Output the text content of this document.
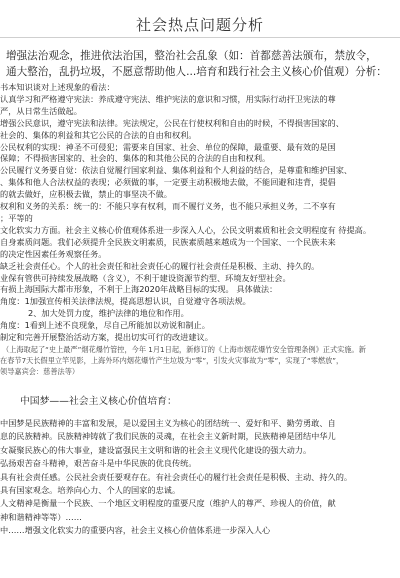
社会热点问题分析
增强法治观念，推进依法治国，整治社会乱象（如：首都慈善法颁布，禁放令，
通大整治，乱扔垃圾，不愿意帮助他人...培育和践行社会主义核心价值观）分析：
书本知识谈对上述现象的看法：
认真学习和严格遵守宪法：养成遵守宪法、维护宪法的意识和习惯，用实际行动扞卫宪法的尊
严，从日常生活做起。
增强公民意识，遵守宪法和法律。宪法规定，公民在行使权利和自由的时候，不得损害国家的、
社会的、集体的利益和其它公民的合法的自由和权利。
公民权利的实现：神圣不可侵犯；需要来自国家、社会、单位的保障，最重要、最有效的是国
保障；不得损害国家的、社会的、集体的和其他公民的合法的自由和权利。
公民履行义务要自觉：依法自觉履行国家利益、集体利益和个人利益的结合，是尊重和维护国家、
、集体和他人合法权益的表现；必须做的事，一定要主动积极地去做，不能回避和违背，提倡
的就去做好，应积极去做，禁止的事坚决不做。
权利和义务的关系：统一的：不能只享有权利，而不履行义务，也不能只承担义务，二不享有
；平等的
文化软实力方面。社会主义核心价值观体系进一步深入人心，公民文明素质和社会文明程度有 待提高。
自身素质问题。我们必须提升全民族文明素质，民族素质越来越成为一个国家、一个民族未来
的决定性因素任务观察任务。
缺乏社会责任心。个人的社会责任和社会责任心的履行社会责任是积极、主动、持久的。
业保有管供可持续发展战略（含义），不利于建设资源节约型、环境友好型社会。
有损上海国际大都市形象，不利于上海2020年战略目标的实现。 具体做法：
角度：1加强宣传相关法律法规，提高思想认识，自觉遵守各项法规。
2、加大处罚力度，维护法律的地位和作用。
角度：1看到上述不良现象，尽自己所能加以劝说和制止。
制定和完善开展整治活动方案，提出切实可行的改进建议。
（上海取起了“史上最严”烟花爆竹管控，今年 1月1日起，新修订的《上海市烟花爆竹安全管理条例》正式实施。新
在春节7天长假里立竿见影，上海外环内烟花爆竹产生垃圾为“零”，引发火灾事故为“零”，实现了“零燃放”，
领导嘉宾会：慈善法等）
中国梦——社会主义核心价值培育：
中国梦是民族精神的丰富和发展，是以爱国主义为核心的团结统一、爱好和平、勤劳勇敢、自
息的民族精神。民族精神铸就了我们民族的灵魂，在社会主义新时期，民族精神是团结中华儿
女凝聚民族心的伟大事业，建设富强民主文明和谐的社会主义现代化建设的强大动力。
弘扬艰苦奋斗精神，艰苦奋斗是中华民族的优良传统。
具有社会责任感。公民社会责任要观存在。有社会责任心的履行社会责任是积极、主动、持久的。
具有国家观念。培养向心力、个人的国家的忠诚。
人文精神是衡量一个民族、一个地区文明程度的重要尺度（维护人的尊严、珍视人的价值，献
神和谐精神等等）……
中……增强文化软实力的重要内容，社会主义核心价值体系进一步深入人心
